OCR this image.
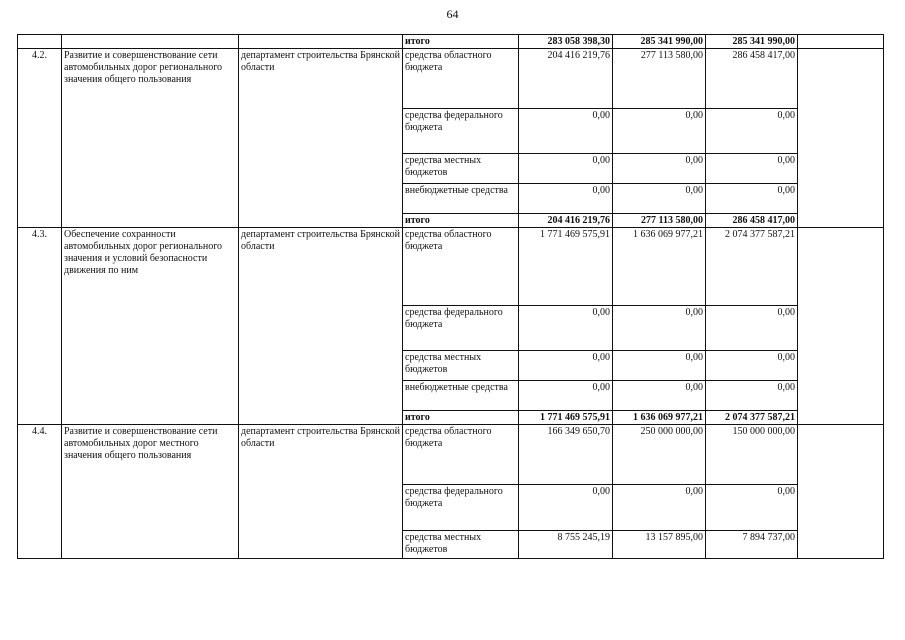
64
			итого	283 058 398,30	285 341 990,00	285 341 990,00	
4.2.	Развитие и совершенствование сети автомобильных дорог регионального значения общего пользования	департамент строительства Брянской области	средства областного бюджета	204 416 219,76	277 113 580,00	286 458 417,00	
			средства федерального бюджета	0,00	0,00	0,00	
			средства местных бюджетов	0,00	0,00	0,00	
			внебюджетные средства	0,00	0,00	0,00	
			итого	204 416 219,76	277 113 580,00	286 458 417,00	
4.3.	Обеспечение сохранности автомобильных дорог регионального значения и условий безопасности движения по ним	департамент строительства Брянской области	средства областного бюджета	1 771 469 575,91	1 636 069 977,21	2 074 377 587,21	
			средства федерального бюджета	0,00	0,00	0,00	
			средства местных бюджетов	0,00	0,00	0,00	
			внебюджетные средства	0,00	0,00	0,00	
			итого	1 771 469 575,91	1 636 069 977,21	2 074 377 587,21	
4.4.	Развитие и совершенствование сети автомобильных дорог местного значения общего пользования	департамент строительства Брянской области	средства областного бюджета	166 349 650,70	250 000 000,00	150 000 000,00	
			средства федерального бюджета	0,00	0,00	0,00	
			средства местных бюджетов	8 755 245,19	13 157 895,00	7 894 737,00	
